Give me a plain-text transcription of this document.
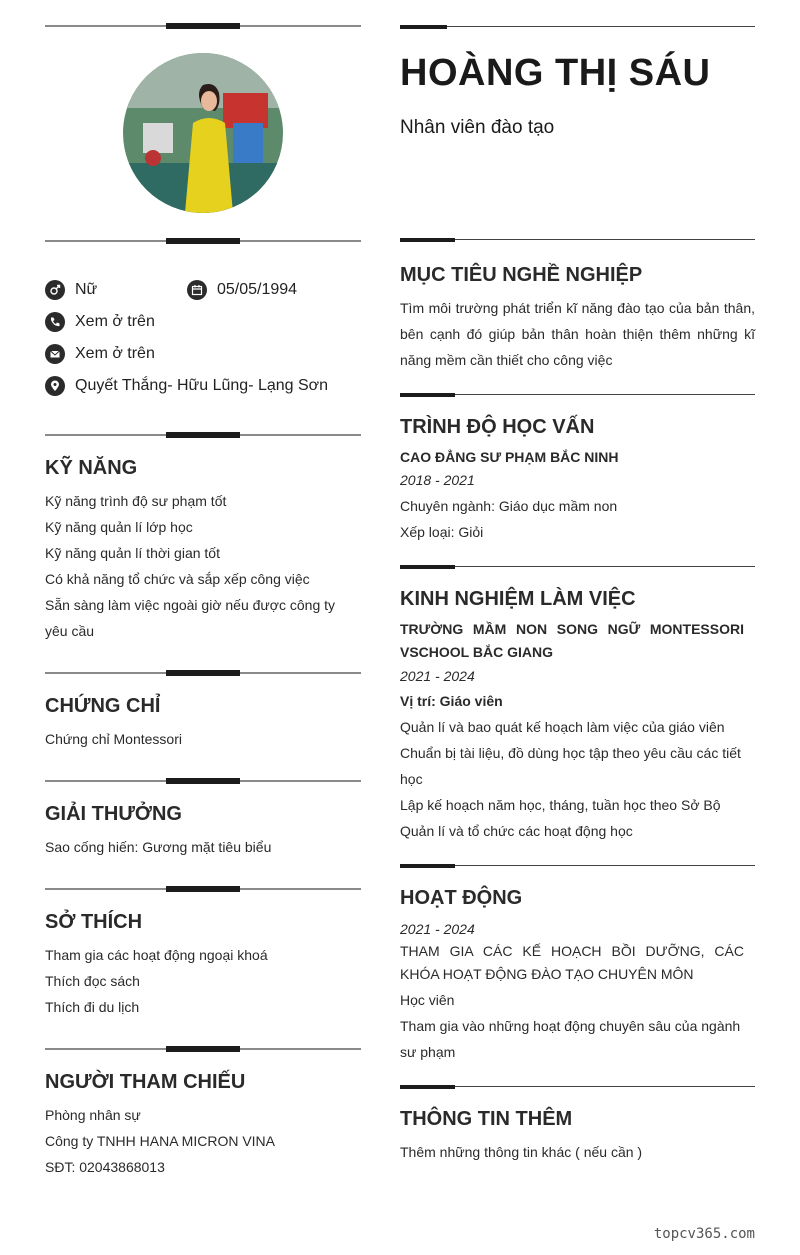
Nữ	05/05/1994
Xem ở trên
Xem ở trên
Quyết Thắng- Hữu Lũng- Lạng Sơn
KỸ NĂNG
Kỹ năng trình độ sư phạm tốt
Kỹ năng quản lí lớp học
Kỹ năng quản lí thời gian tốt
Có khả năng tổ chức và sắp xếp công việc
Sẵn sàng làm việc ngoài giờ nếu được công ty yêu cầu
CHỨNG CHỈ
Chứng chỉ Montessori
GIẢI THƯỞNG
Sao cống hiến: Gương mặt tiêu biểu
SỞ THÍCH
Tham gia các hoạt động ngoại khoá
Thích đọc sách
Thích đi du lịch
NGƯỜI THAM CHIẾU
Phòng nhân sự
Công ty TNHH HANA MICRON VINA
SĐT: 02043868013
HOÀNG THỊ SÁU
Nhân viên đào tạo
MỤC TIÊU NGHỀ NGHIỆP
Tìm môi trường phát triển kĩ năng đào tạo của bản thân, bên cạnh đó giúp bản thân hoàn thiện thêm những kĩ năng mềm cần thiết cho công việc
TRÌNH ĐỘ HỌC VẤN
CAO ĐẲNG SƯ PHẠM BẮC NINH
2018 - 2021
Chuyên ngành: Giáo dục mầm non
Xếp loại: Giỏi
KINH NGHIỆM LÀM VIỆC
TRƯỜNG MẦM NON SONG NGỮ MONTESSORI VSCHOOL BẮC GIANG
2021 - 2024
Vị trí: Giáo viên
Quản lí và bao quát kế hoạch làm việc của giáo viên
Chuẩn bị tài liệu, đồ dùng học tập theo yêu cầu các tiết học
Lập kế hoạch năm học, tháng, tuần học theo Sở Bộ
Quản lí và tổ chức các hoạt động học
HOẠT ĐỘNG
2021 - 2024
THAM GIA CÁC KẾ HOẠCH BỒI DƯỠNG, CÁC KHÓA HOẠT ĐỘNG ĐÀO TẠO CHUYÊN MÔN
Học viên
Tham gia vào những hoạt động chuyên sâu của ngành sư phạm
THÔNG TIN THÊM
Thêm những thông tin khác ( nếu cần )
topcv365.com
